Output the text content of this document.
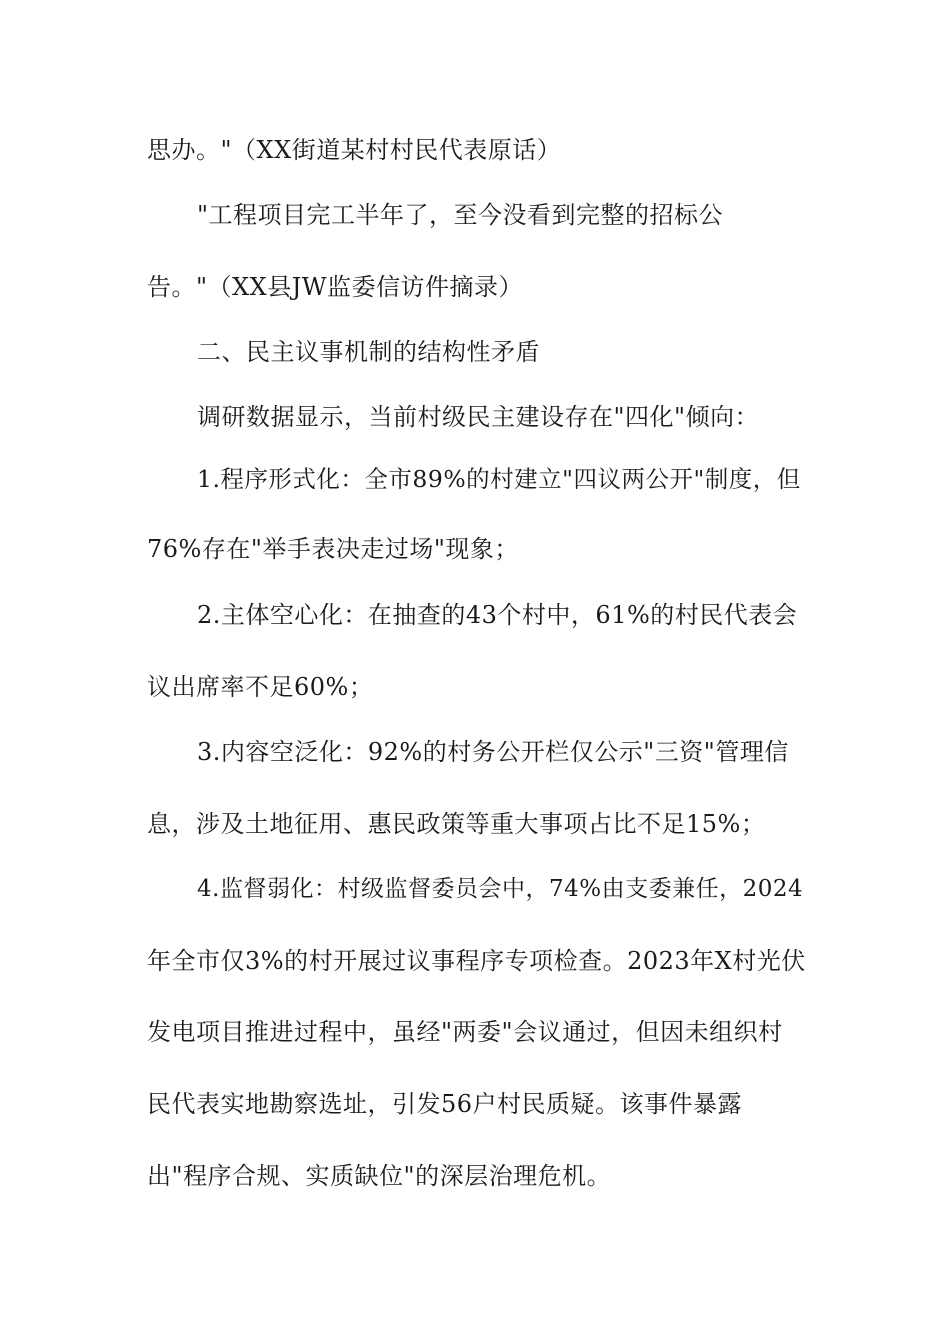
思办。"（XX街道某村村民代表原话）
"工程项目完工半年了，至今没看到完整的招标公
告。"（XX县JW监委信访件摘录）
二、民主议事机制的结构性矛盾
调研数据显示，当前村级民主建设存在"四化"倾向：
1.程序形式化：全市89%的村建立"四议两公开"制度，但
76%存在"举手表决走过场"现象；
2.主体空心化：在抽查的43个村中，61%的村民代表会
议出席率不足60%；
3.内容空泛化：92%的村务公开栏仅公示"三资"管理信
息，涉及土地征用、惠民政策等重大事项占比不足15%；
4.监督弱化：村级监督委员会中，74%由支委兼任，2024
年全市仅3%的村开展过议事程序专项检查。2023年X村光伏
发电项目推进过程中，虽经"两委"会议通过，但因未组织村
民代表实地勘察选址，引发56户村民质疑。该事件暴露
出"程序合规、实质缺位"的深层治理危机。
